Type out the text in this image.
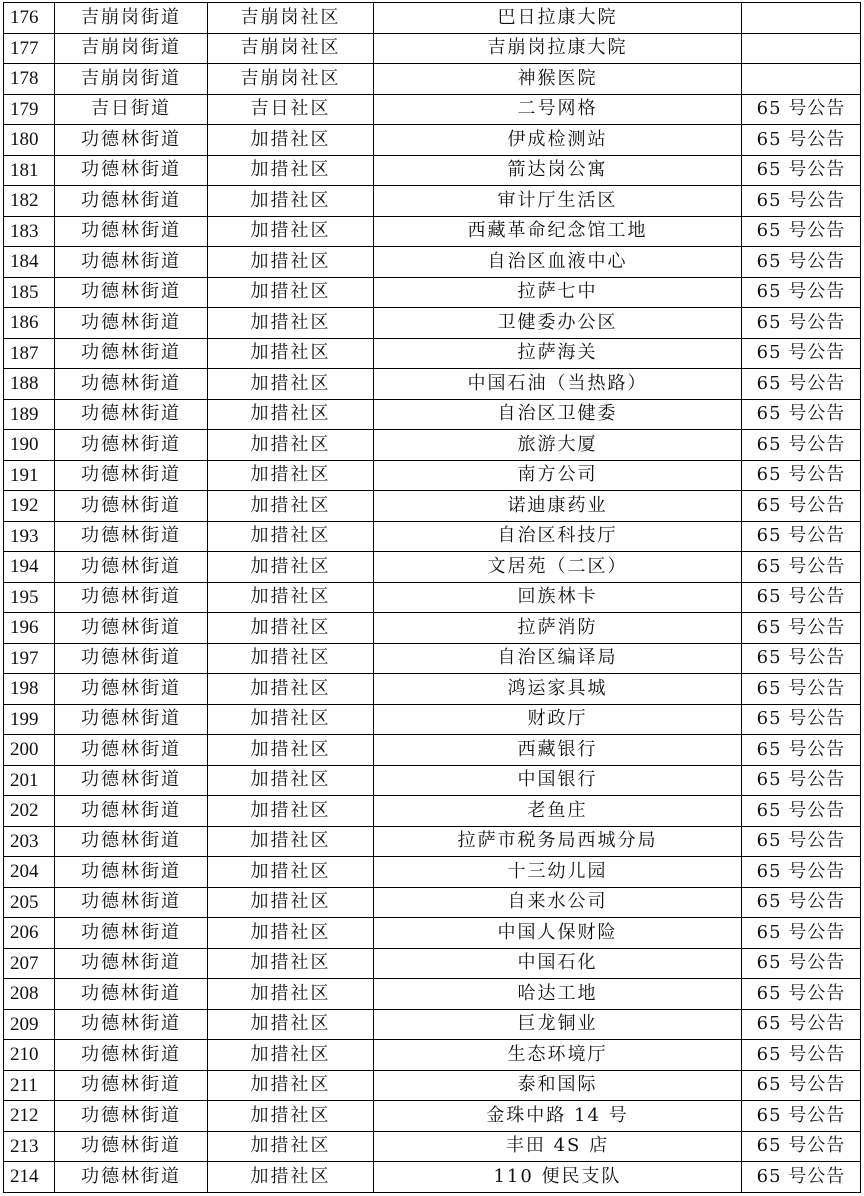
176	吉崩岗街道	吉崩岗社区	巴日拉康大院	
177	吉崩岗街道	吉崩岗社区	吉崩岗拉康大院	
178	吉崩岗街道	吉崩岗社区	神猴医院	
179	吉日街道	吉日社区	二号网格	65 号公告
180	功德林街道	加措社区	伊成检测站	65 号公告
181	功德林街道	加措社区	箭达岗公寓	65 号公告
182	功德林街道	加措社区	审计厅生活区	65 号公告
183	功德林街道	加措社区	西藏革命纪念馆工地	65 号公告
184	功德林街道	加措社区	自治区血液中心	65 号公告
185	功德林街道	加措社区	拉萨七中	65 号公告
186	功德林街道	加措社区	卫健委办公区	65 号公告
187	功德林街道	加措社区	拉萨海关	65 号公告
188	功德林街道	加措社区	中国石油（当热路）	65 号公告
189	功德林街道	加措社区	自治区卫健委	65 号公告
190	功德林街道	加措社区	旅游大厦	65 号公告
191	功德林街道	加措社区	南方公司	65 号公告
192	功德林街道	加措社区	诺迪康药业	65 号公告
193	功德林街道	加措社区	自治区科技厅	65 号公告
194	功德林街道	加措社区	文居苑（二区）	65 号公告
195	功德林街道	加措社区	回族林卡	65 号公告
196	功德林街道	加措社区	拉萨消防	65 号公告
197	功德林街道	加措社区	自治区编译局	65 号公告
198	功德林街道	加措社区	鸿运家具城	65 号公告
199	功德林街道	加措社区	财政厅	65 号公告
200	功德林街道	加措社区	西藏银行	65 号公告
201	功德林街道	加措社区	中国银行	65 号公告
202	功德林街道	加措社区	老鱼庄	65 号公告
203	功德林街道	加措社区	拉萨市税务局西城分局	65 号公告
204	功德林街道	加措社区	十三幼儿园	65 号公告
205	功德林街道	加措社区	自来水公司	65 号公告
206	功德林街道	加措社区	中国人保财险	65 号公告
207	功德林街道	加措社区	中国石化	65 号公告
208	功德林街道	加措社区	哈达工地	65 号公告
209	功德林街道	加措社区	巨龙铜业	65 号公告
210	功德林街道	加措社区	生态环境厅	65 号公告
211	功德林街道	加措社区	泰和国际	65 号公告
212	功德林街道	加措社区	金珠中路 14 号	65 号公告
213	功德林街道	加措社区	丰田 4S 店	65 号公告
214	功德林街道	加措社区	110 便民支队	65 号公告
